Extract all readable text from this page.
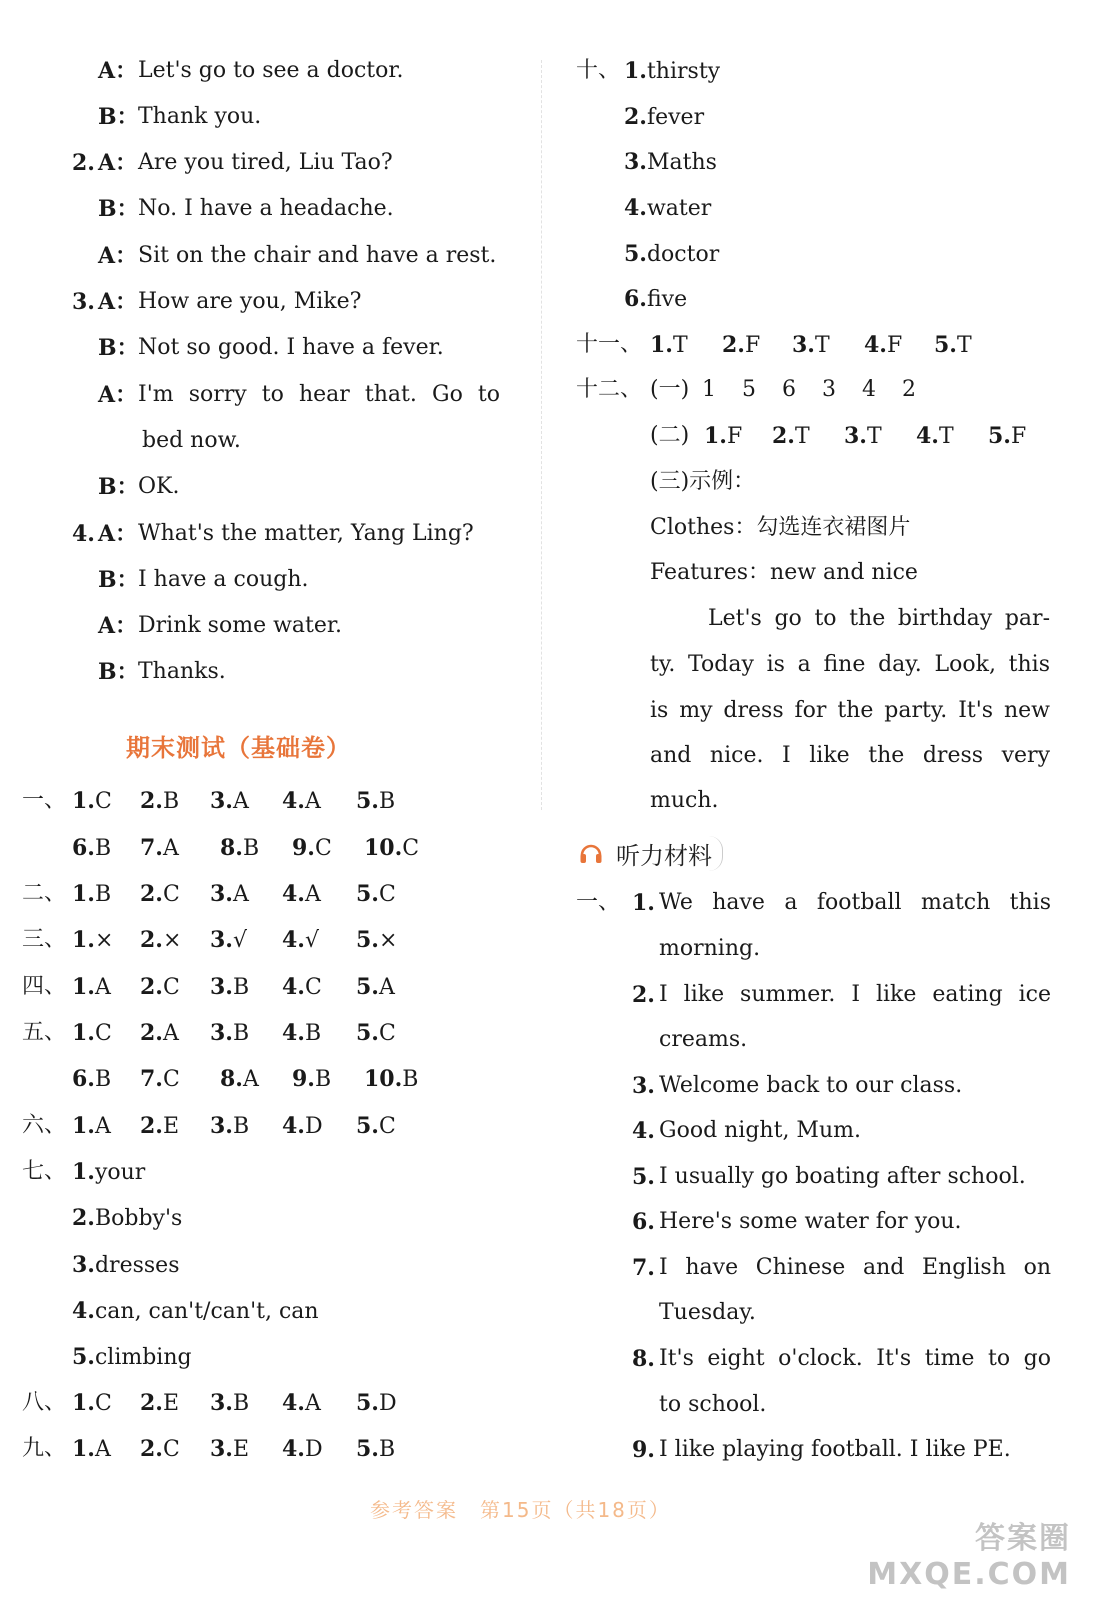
期末测试（基础卷）
听力材料
参考答案　第15页（共18页）
答案圈
MXQE.COM
A： Let's go to see a doctor.
B： Thank you.
2. A： Are you tired, Liu Tao?
B： No. I have a headache.
A： Sit on the chair and have a rest.
3. A： How are you, Mike?
B： Not so good. I have a fever.
A： I'm sorry to hear that. Go to
bed now.
B： OK.
4. A： What's the matter, Yang Ling?
B： I have a cough.
A： Drink some water.
B： Thanks.
一、 1.C 2.B 3.A 4.A 5.B
6.B 7.A 8.B 9.C 10.C
二、 1.B 2.C 3.A 4.A 5.C
三、 1.× 2.× 3.√ 4.√ 5.×
四、 1.A 2.C 3.B 4.C 5.A
五、 1.C 2.A 3.B 4.B 5.C
6.B 7.C 8.A 9.B 10.B
六、 1.A 2.E 3.B 4.D 5.C
七、 1.your
2.Bobby's
3.dresses
4.can, can't/can't, can
5.climbing
八、 1.C 2.E 3.B 4.A 5.D
九、 1.A 2.C 3.E 4.D 5.B
十、 1.thirsty
2.fever
3.Maths
4.water
5.doctor
6.five
十一、 1.T 2.F 3.T 4.F 5.T
十二、 (一) 1 5 6 3 4 2
(二) 1.F 2.T 3.T 4.T 5.F
(三)示例：
Clothes：勾选连衣裙图片
Features：new and nice
Let's go to the birthday par-
ty. Today is a fine day. Look, this
is my dress for the party. It's new
and nice. I like the dress very
much.
一、 1. We have a football match this
morning.
2. I like summer. I like eating ice
creams.
3. Welcome back to our class.
4. Good night, Mum.
5. I usually go boating after school.
6. Here's some water for you.
7. I have Chinese and English on
Tuesday.
8. It's eight o'clock. It's time to go
to school.
9. I like playing football. I like PE.
